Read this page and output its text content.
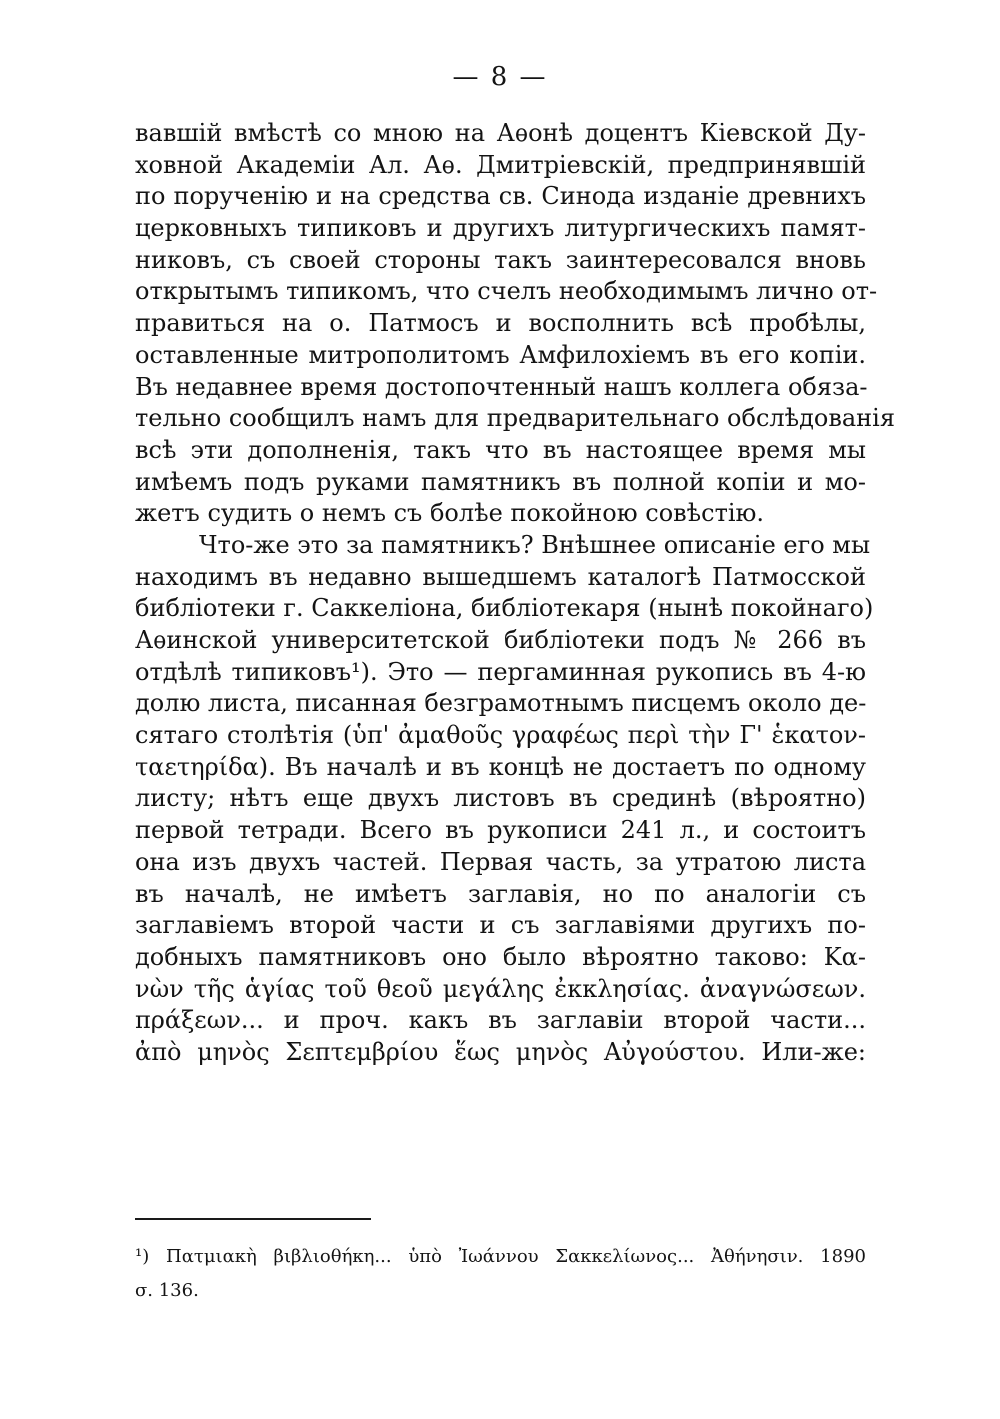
— 8 —
вавшій вмѣстѣ со мною на Аѳонѣ доцентъ Кіевской Ду-
ховной Академіи Ал. Аѳ. Дмитріевскій, предпринявшій
по порученію и на средства св. Синода изданіе древнихъ
церковныхъ типиковъ и другихъ литургическихъ памят-
никовъ, съ своей стороны такъ заинтересовался вновь
открытымъ типикомъ, что счелъ необходимымъ лично от-
правиться на о. Патмосъ и восполнить всѣ пробѣлы,
оставленные митрополитомъ Амфилохіемъ въ его копіи.
Въ недавнее время достопочтенный нашъ коллега обяза-
тельно сообщилъ намъ для предварительнаго обслѣдованія
всѣ эти дополненія, такъ что въ настоящее время мы
имѣемъ подъ руками памятникъ въ полной копіи и мо-
жетъ судить о немъ съ болѣе покойною совѣстію.
Что-же это за памятникъ? Внѣшнее описаніе его мы
находимъ въ недавно вышедшемъ каталогѣ Патмосской
библіотеки г. Саккеліона, библіотекаря (нынѣ покойнаго)
Аѳинской университетской библіотеки подъ № 266 въ
отдѣлѣ типиковъ¹). Это — пергаминная рукопись въ 4-ю
долю листа, писанная безграмотнымъ писцемъ около де-
сятаго столѣтія (ὑπ' ἀμαθοῦς γραφέως περὶ τὴν Γ' ἑκατον-
ταετηρίδα). Въ началѣ и въ концѣ не достаетъ по одному
листу; нѣтъ еще двухъ листовъ въ срединѣ (вѣроятно)
первой тетради. Всего въ рукописи 241 л., и состоитъ
она изъ двухъ частей. Первая часть, за утратою листа
въ началѣ, не имѣетъ заглавія, но по аналогіи съ
заглавіемъ второй части и съ заглавіями другихъ по-
добныхъ памятниковъ оно было вѣроятно таково: Κα-
νὼν τῆς ἁγίας τοῦ θεοῦ μεγάλης ἐκκλησίας. ἀναγνώσεων.
πράξεων... и проч. какъ въ заглавіи второй части...
ἀπὸ μηνὸς Σεπτεμβρίου ἕως μηνὸς Αὐγούστου. Или-же:
¹) Πατμιακὴ βιβλιοθήκη... ὑπὸ Ἰωάννου Σακκελίωνος... Ἀθήνησιν. 1890
σ. 136.
